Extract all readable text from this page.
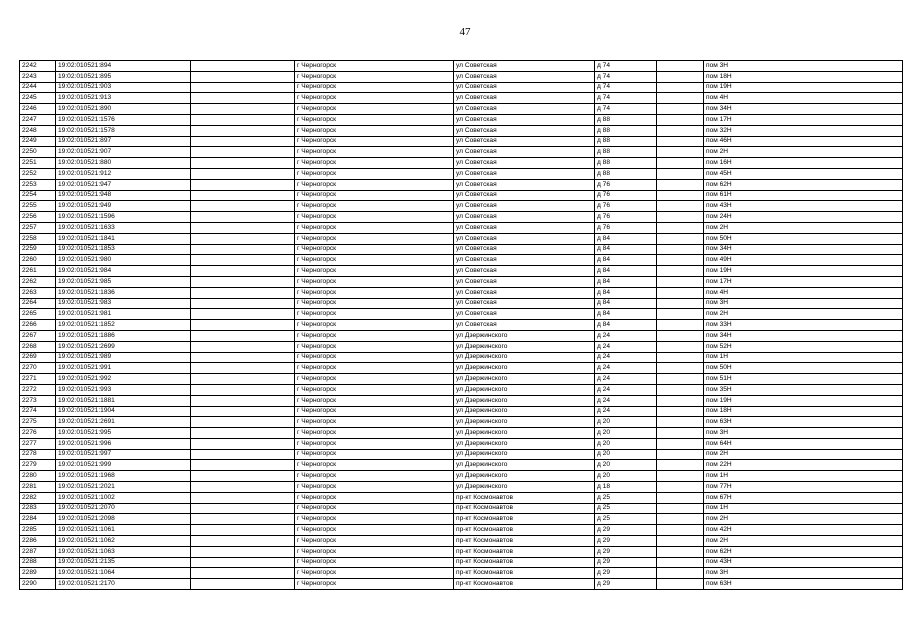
47
2242	19:02:010521:894		г Черногорск	ул Советская	д 74		пом 3Н
2243	19:02:010521:895		г Черногорск	ул Советская	д 74		пом 18Н
2244	19:02:010521:903		г Черногорск	ул Советская	д 74		пом 19Н
2245	19:02:010521:913		г Черногорск	ул Советская	д 74		пом 4Н
2246	19:02:010521:890		г Черногорск	ул Советская	д 74		пом 34Н
2247	19:02:010521:1576		г Черногорск	ул Советская	д 88		пом 17Н
2248	19:02:010521:1578		г Черногорск	ул Советская	д 88		пом 32Н
2249	19:02:010521:897		г Черногорск	ул Советская	д 88		пом 46Н
2250	19:02:010521:907		г Черногорск	ул Советская	д 88		пом 2Н
2251	19:02:010521:880		г Черногорск	ул Советская	д 88		пом 16Н
2252	19:02:010521:912		г Черногорск	ул Советская	д 88		пом 45Н
2253	19:02:010521:947		г Черногорск	ул Советская	д 76		пом 62Н
2254	19:02:010521:948		г Черногорск	ул Советская	д 76		пом 61Н
2255	19:02:010521:949		г Черногорск	ул Советская	д 76		пом 43Н
2256	19:02:010521:1596		г Черногорск	ул Советская	д 76		пом 24Н
2257	19:02:010521:1633		г Черногорск	ул Советская	д 76		пом 2Н
2258	19:02:010521:1841		г Черногорск	ул Советская	д 84		пом 50Н
2259	19:02:010521:1853		г Черногорск	ул Советская	д 84		пом 34Н
2260	19:02:010521:980		г Черногорск	ул Советская	д 84		пом 49Н
2261	19:02:010521:984		г Черногорск	ул Советская	д 84		пом 19Н
2262	19:02:010521:985		г Черногорск	ул Советская	д 84		пом 17Н
2263	19:02:010521:1836		г Черногорск	ул Советская	д 84		пом 4Н
2264	19:02:010521:983		г Черногорск	ул Советская	д 84		пом 3Н
2265	19:02:010521:981		г Черногорск	ул Советская	д 84		пом 2Н
2266	19:02:010521:1852		г Черногорск	ул Советская	д 84		пом 33Н
2267	19:02:010521:1886		г Черногорск	ул Дзержинского	д 24		пом 34Н
2268	19:02:010521:2699		г Черногорск	ул Дзержинского	д 24		пом 52Н
2269	19:02:010521:989		г Черногорск	ул Дзержинского	д 24		пом 1Н
2270	19:02:010521:991		г Черногорск	ул Дзержинского	д 24		пом 50Н
2271	19:02:010521:992		г Черногорск	ул Дзержинского	д 24		пом 51Н
2272	19:02:010521:993		г Черногорск	ул Дзержинского	д 24		пом 35Н
2273	19:02:010521:1881		г Черногорск	ул Дзержинского	д 24		пом 19Н
2274	19:02:010521:1904		г Черногорск	ул Дзержинского	д 24		пом 18Н
2275	19:02:010521:2691		г Черногорск	ул Дзержинского	д 20		пом 63Н
2276	19:02:010521:995		г Черногорск	ул Дзержинского	д 20		пом 3Н
2277	19:02:010521:996		г Черногорск	ул Дзержинского	д 20		пом 64Н
2278	19:02:010521:997		г Черногорск	ул Дзержинского	д 20		пом 2Н
2279	19:02:010521:999		г Черногорск	ул Дзержинского	д 20		пом 22Н
2280	19:02:010521:1968		г Черногорск	ул Дзержинского	д 20		пом 1Н
2281	19:02:010521:2021		г Черногорск	ул Дзержинского	д 18		пом 77Н
2282	19:02:010521:1002		г Черногорск	пр-кт Космонавтов	д 25		пом 67Н
2283	19:02:010521:2070		г Черногорск	пр-кт Космонавтов	д 25		пом 1Н
2284	19:02:010521:2098		г Черногорск	пр-кт Космонавтов	д 25		пом 2Н
2285	19:02:010521:1061		г Черногорск	пр-кт Космонавтов	д 29		пом 42Н
2286	19:02:010521:1062		г Черногорск	пр-кт Космонавтов	д 29		пом 2Н
2287	19:02:010521:1063		г Черногорск	пр-кт Космонавтов	д 29		пом 62Н
2288	19:02:010521:2135		г Черногорск	пр-кт Космонавтов	д 29		пом 43Н
2289	19:02:010521:1064		г Черногорск	пр-кт Космонавтов	д 29		пом 3Н
2290	19:02:010521:2170		г Черногорск	пр-кт Космонавтов	д 29		пом 63Н
